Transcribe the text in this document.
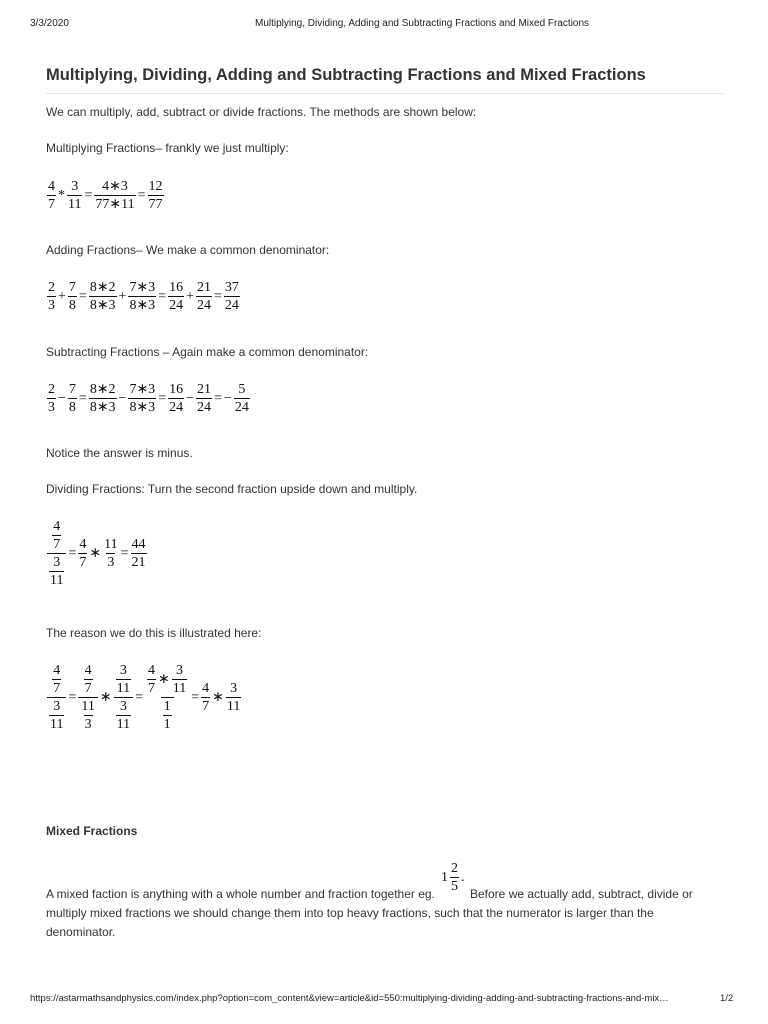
3/3/2020	Multiplying, Dividing, Adding and Subtracting Fractions and Mixed Fractions
Multiplying, Dividing, Adding and Subtracting Fractions and Mixed Fractions
We can multiply, add, subtract or divide fractions. The methods are shown below:
Multiplying Fractions– frankly we just multiply:
$\frac{4}{7} * \frac{3}{11} = \frac{4∗3}{77∗11} = \frac{12}{77}$
Adding Fractions– We make a common denominator:
$\frac{2}{3} + \frac{7}{8} = \frac{8∗2}{8∗3} + \frac{7∗3}{8∗3} = \frac{16}{24} + \frac{21}{24} = \frac{37}{24}$
Subtracting Fractions – Again make a common denominator:
$\frac{2}{3} - \frac{7}{8} = \frac{8∗2}{8∗3} - \frac{7∗3}{8∗3} = \frac{16}{24} - \frac{21}{24}$ = − $\frac{5}{24}$
Notice the answer is minus.
Dividing Fractions: Turn the second fraction upside down and multiply.
$\frac{\frac{4}{7}}{\frac{3}{11}} = \frac{4}{7}$ ∗ $\frac{11}{3} = \frac{44}{21}$
The reason we do this is illustrated here:
$\frac{\frac{4}{7}}{\frac{3}{11}} = \frac{\frac{4}{7}}{\frac{11}{3}}$ ∗ $\frac{\frac{3}{11}}{\frac{3}{11}} = \frac{\frac{4}{7} ∗ \frac{3}{11}}{\frac{1}{1}} = \frac{4}{7}$ ∗ $\frac{3}{11}$
Mixed Fractions
$1 \frac{2}{5}$ .
A mixed faction is anything with a whole number and fraction together eg.	Before we actually add, subtract, divide or
multiply mixed fractions we should change them into top heavy fractions, such that the numerator is larger than the
denominator.
https://astarmathsandphysics.com/index.php?option=com_content&view=article&id=550:multiplying-dividing-adding-and-subtracting-fractions-and-mix…	1/2
